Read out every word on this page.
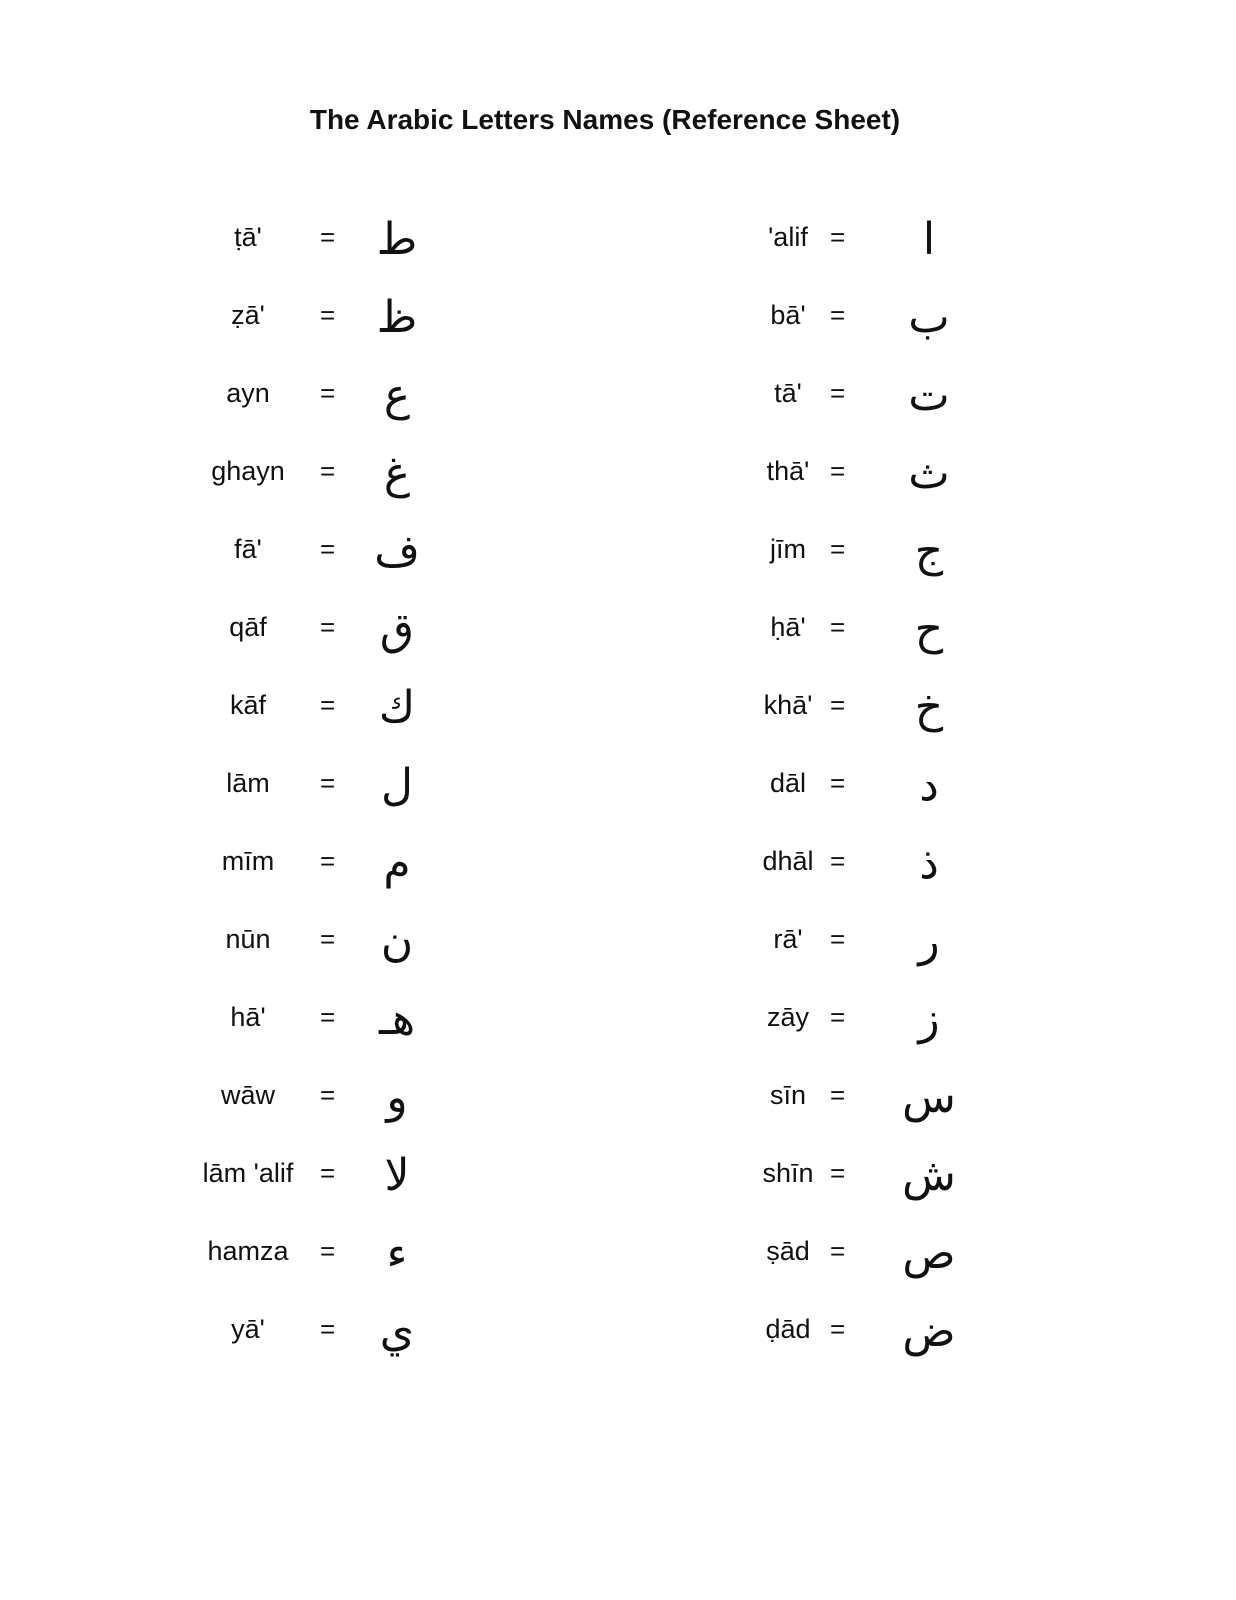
The Arabic Letters Names (Reference Sheet)
ṭā'	= ط
ẓā'	= ظ
ayn	=	ع
ghayn	=	غ
fā'	= ف
qāf	=	ق
kāf	= ك
lām	=	ل
mīm	=	م
nūn	=	ن
hā'	= هـ
wāw	=	و
lām 'alif	=	لا
hamza	=	ء
yā'	=	ي
'alif =	ا
bā' =	ب
tā'	=	ت
thā' =	ث
jīm =	ج
ḥā' =	ح
khā' =	خ
dāl =	د
dhāl =	ذ
rā'	=	ر
zāy =	ز
sīn =	س
shīn =	ش
ṣād =	ص
ḍād =	ض
